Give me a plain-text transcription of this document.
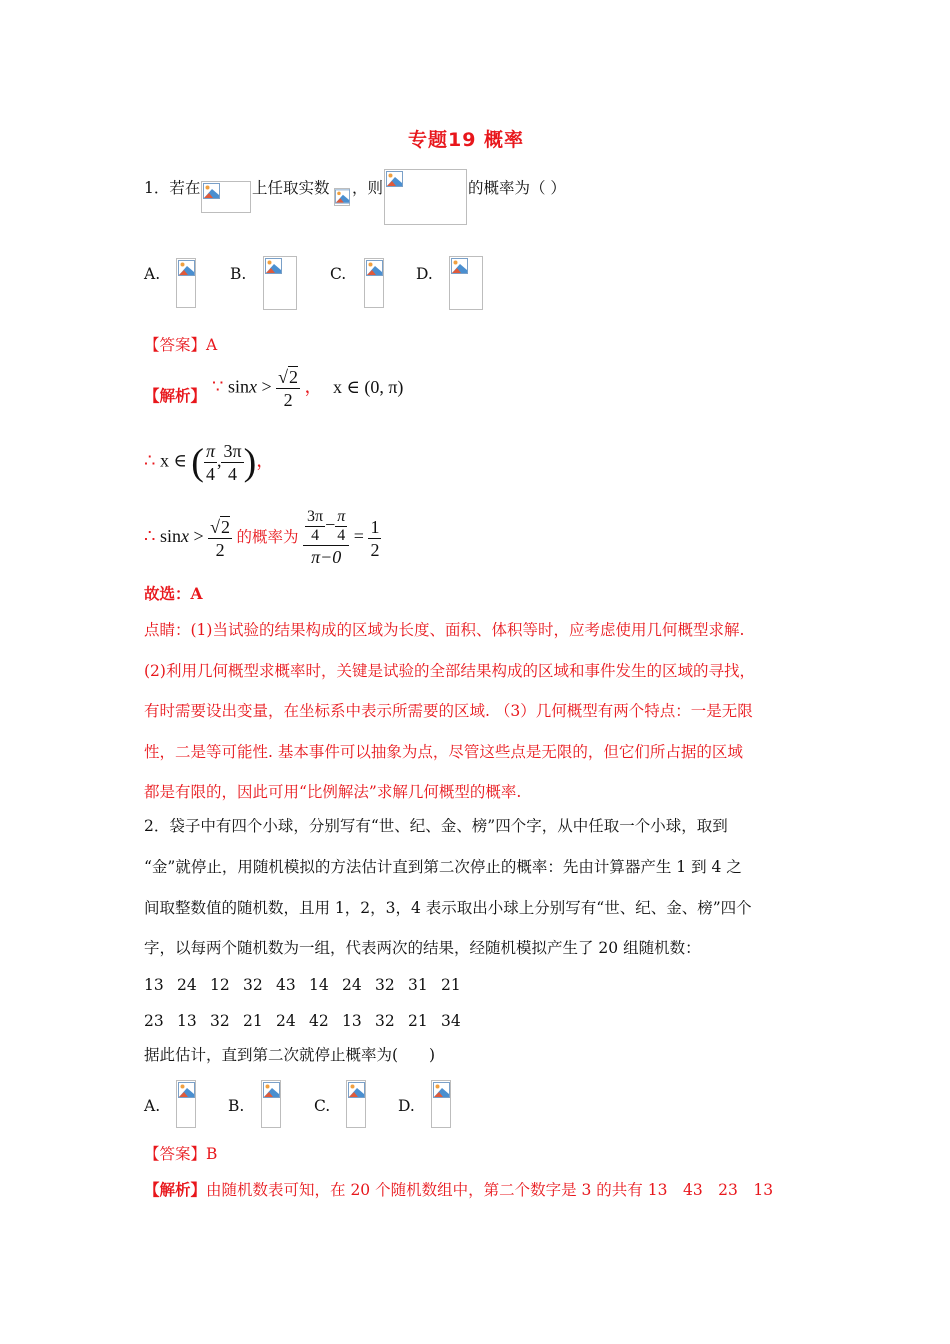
专题19 概率
1．若在	上任取实数 ，则	的概率为（ ）
A.	B.	C.	D.
【答案】A
【解析】 ∵ $\sin x > \frac{√2}{2}$ ， x ∈ (0, π)
∴ x ∈ ( $\frac{\pi}{4}$ , $\frac{3\pi}{4}$ )，
∴ $\sin x > \frac{√2}{2}$ 的概率为 $\frac{\frac{3\pi}{4} - \frac{\pi}{4}}{\pi-0} = \frac{1}{2}$
故选：A
点睛：(1)当试验的结果构成的区域为长度、面积、体积等时，应考虑使用几何概型求解.
(2)利用几何概型求概率时，关键是试验的全部结果构成的区域和事件发生的区域的寻找，
有时需要设出变量，在坐标系中表示所需要的区域. （3）几何概型有两个特点：一是无限
性，二是等可能性. 基本事件可以抽象为点，尽管这些点是无限的，但它们所占据的区域
都是有限的，因此可用“比例解法”求解几何概型的概率.
2．袋子中有四个小球，分别写有“世、纪、金、榜”四个字，从中任取一个小球，取到
“金”就停止，用随机模拟的方法估计直到第二次停止的概率：先由计算器产生 1 到 4 之
间取整数值的随机数，且用 1，2，3，4 表示取出小球上分别写有“世、纪、金、榜”四个
字，以每两个随机数为一组，代表两次的结果，经随机模拟产生了 20 组随机数：
13 24 12 32 43 14 24 32 31 21
23 13 32 21 24 42 13 32 21 34
据此估计，直到第二次就停止概率为(　　)
A.	B.	C.	D.
【答案】B
【解析】由随机数表可知，在 20 个随机数组中，第二个数字是 3 的共有 13　43　23　13
